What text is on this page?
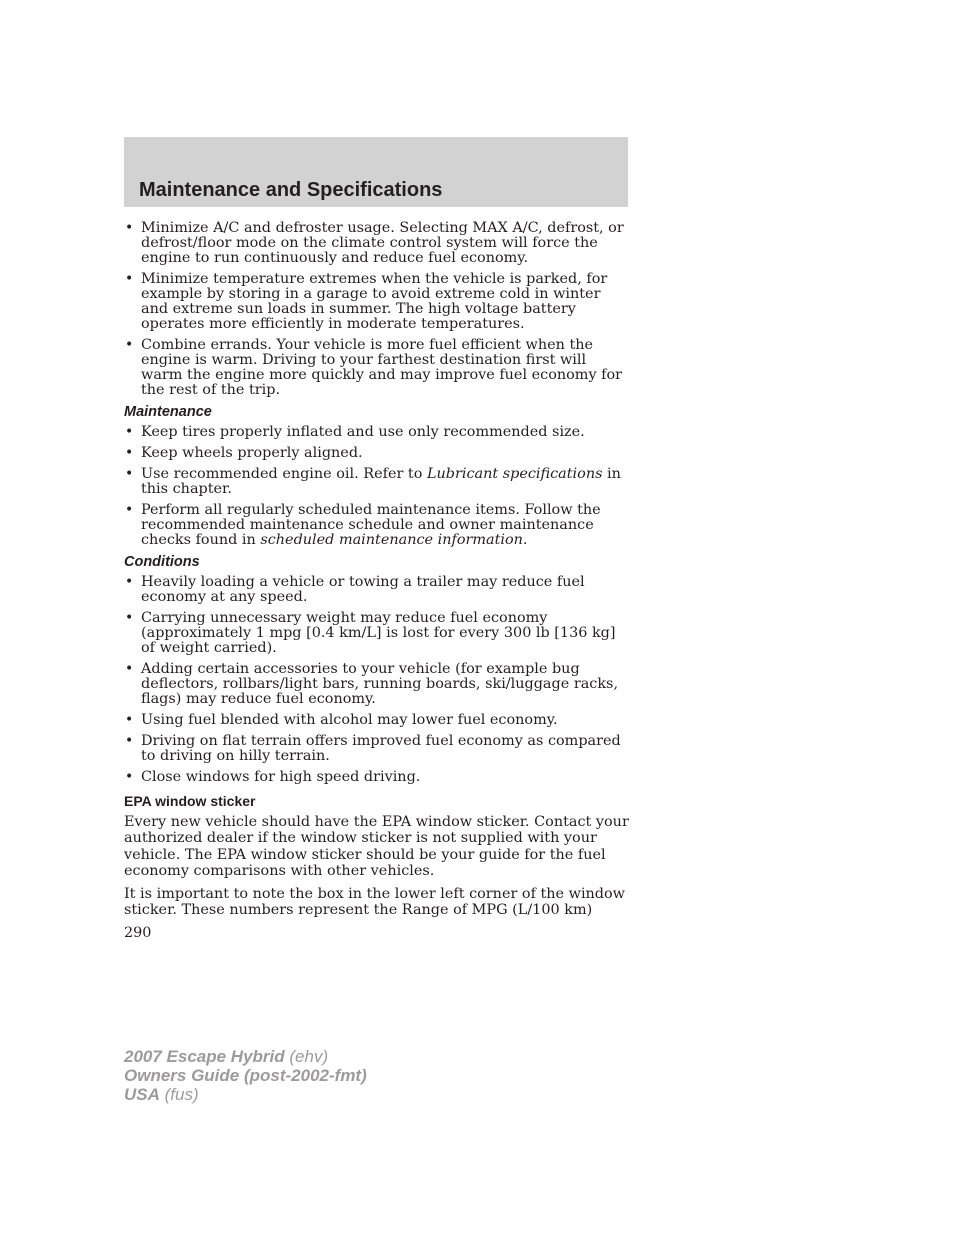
Maintenance and Specifications
• Minimize A/C and defroster usage. Selecting MAX A/C, defrost, or defrost/floor mode on the climate control system will force the engine to run continuously and reduce fuel economy.
• Minimize temperature extremes when the vehicle is parked, for example by storing in a garage to avoid extreme cold in winter and extreme sun loads in summer. The high voltage battery operates more efficiently in moderate temperatures.
• Combine errands. Your vehicle is more fuel efficient when the engine is warm. Driving to your farthest destination first will warm the engine more quickly and may improve fuel economy for the rest of the trip.
Maintenance
• Keep tires properly inflated and use only recommended size.
• Keep wheels properly aligned.
• Use recommended engine oil. Refer to Lubricant specifications in this chapter.
• Perform all regularly scheduled maintenance items. Follow the recommended maintenance schedule and owner maintenance checks found in scheduled maintenance information.
Conditions
• Heavily loading a vehicle or towing a trailer may reduce fuel economy at any speed.
• Carrying unnecessary weight may reduce fuel economy (approximately 1 mpg [0.4 km/L] is lost for every 300 lb [136 kg] of weight carried).
• Adding certain accessories to your vehicle (for example bug deflectors, rollbars/light bars, running boards, ski/luggage racks, flags) may reduce fuel economy.
• Using fuel blended with alcohol may lower fuel economy.
• Driving on flat terrain offers improved fuel economy as compared to driving on hilly terrain.
• Close windows for high speed driving.
EPA window sticker

Every new vehicle should have the EPA window sticker. Contact your authorized dealer if the window sticker is not supplied with your vehicle. The EPA window sticker should be your guide for the fuel economy comparisons with other vehicles.

It is important to note the box in the lower left corner of the window sticker. These numbers represent the Range of MPG (L/100 km)

290
2007 Escape Hybrid (ehv)
Owners Guide (post-2002-fmt)
USA (fus)
